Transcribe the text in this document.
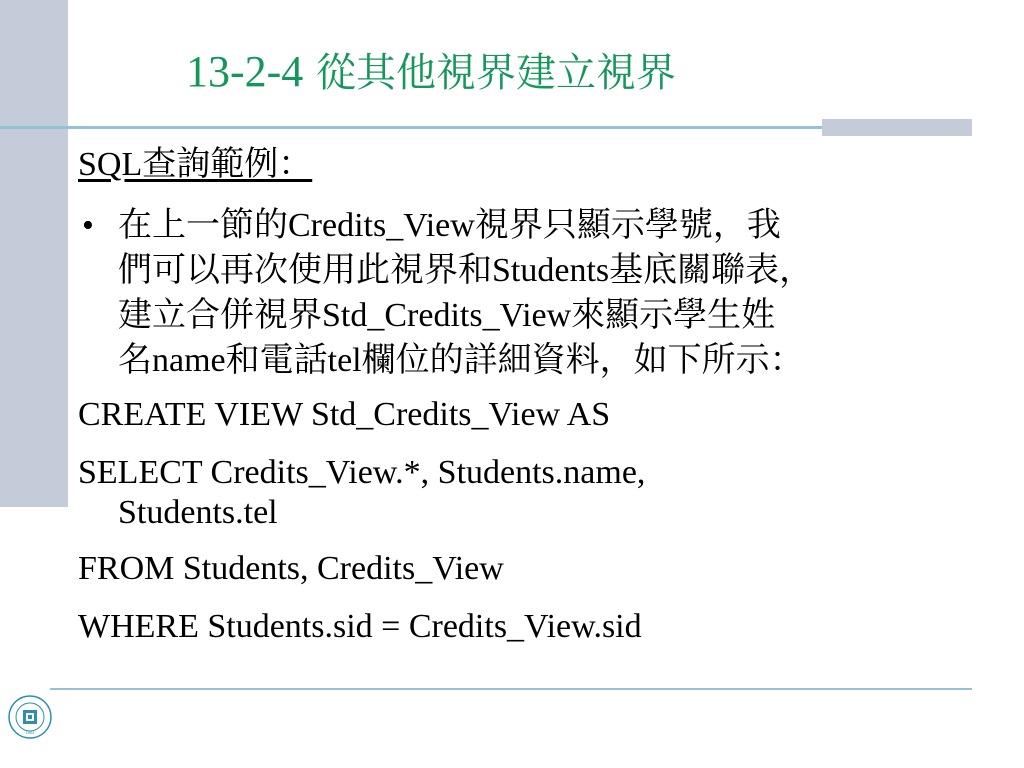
13-2-4 從其他視界建立視界
SQL查詢範例：
• 在上一節的Credits_View視界只顯示學號，我
們可以再次使用此視界和Students基底關聯表，
建立合併視界Std_Credits_View來顯示學生姓
名name和電話tel欄位的詳細資料，如下所示：
CREATE VIEW Std_Credits_View AS
SELECT Credits_View.*, Students.name,
Students.tel
FROM Students, Credits_View
WHERE Students.sid = Credits_View.sid
1904
